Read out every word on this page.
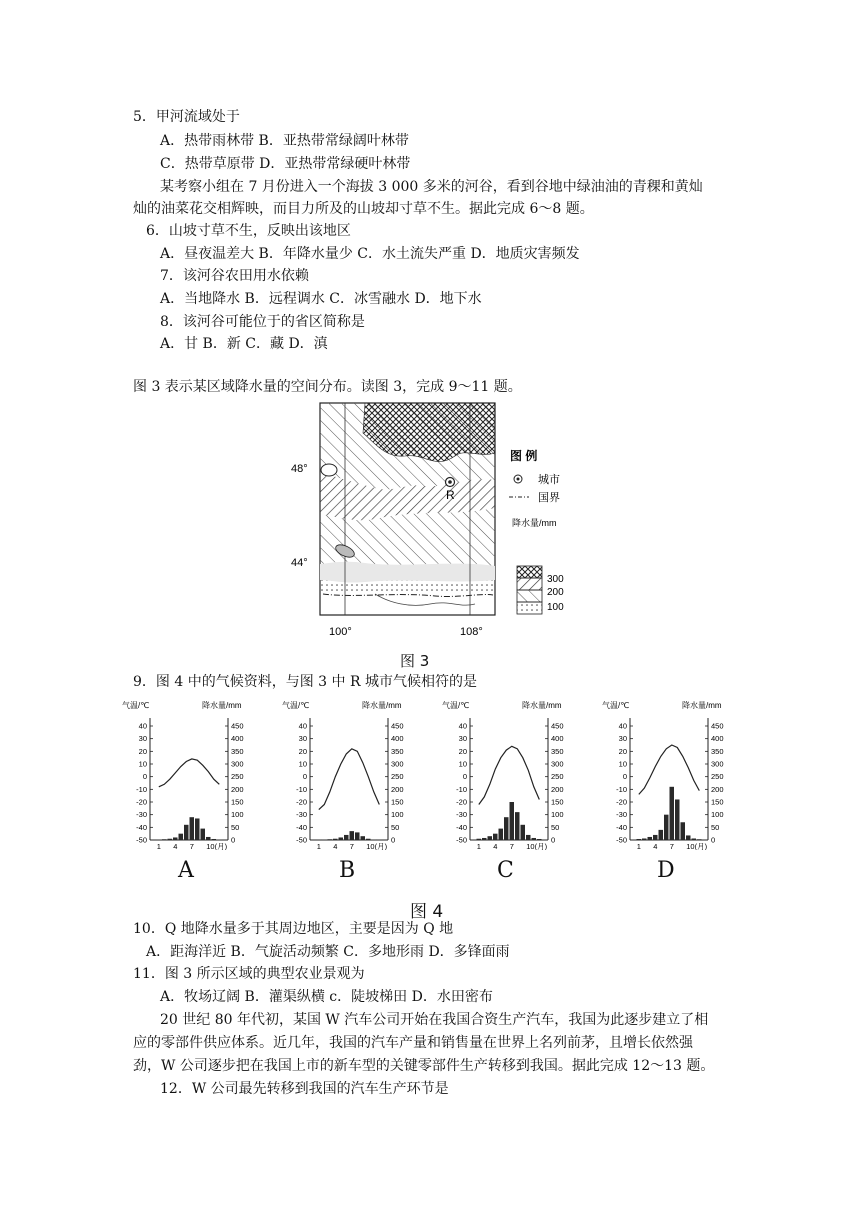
5．甲河流域处于
A．热带雨林带 B．亚热带常绿阔叶林带
C．热带草原带 D．亚热带常绿硬叶林带
某考察小组在 7 月份进入一个海拔 3 000 多米的河谷，看到谷地中绿油油的青稞和黄灿
灿的油菜花交相辉映，而目力所及的山坡却寸草不生。据此完成 6～8 题。
6．山坡寸草不生，反映出该地区
A．昼夜温差大 B．年降水量少 C．水土流失严重 D．地质灾害频发
7．该河谷农田用水依赖
A．当地降水 B．远程调水 C．冰雪融水 D．地下水
8．该河谷可能位于的省区简称是
A．甘 B．新 C．藏 D．滇
图 3 表示某区域降水量的空间分布。读图 3，完成 9～11 题。
R
48°
44°
100°	108°
图 例
城市
国界
降水量/mm
300
200
100
图 3
9．图 4 中的气候资料，与图 3 中 R 城市气候相符的是
气温/℃	降水量/mm
40
30
20
10
0
-10
-20
-30
-40
-50
450
400
350
300
250
200
150
100
50
0
1 4 7 10(月)
气温/℃	降水量/mm
40
30
20
10
0
-10
-20
-30
-40
-50
450
400
350
300
250
200
150
100
50
0
1 4 7 10(月)
气温/℃	降水量/mm
40
30
20
10
0
-10
-20
-30
-40
-50
450
400
350
300
250
200
150
100
50
0
1 4 7 10(月)
气温/℃	降水量/mm
40
30
20
10
0
-10
-20
-30
-40
-50
450
400
350
300
250
200
150
100
50
0
1 4 7 10(月)
A	B	C	D
图 4
10．Q 地降水量多于其周边地区，主要是因为 Q 地
A．距海洋近 B．气旋活动频繁 C．多地形雨 D．多锋面雨
11．图 3 所示区域的典型农业景观为
A．牧场辽阔 B．灌渠纵横 c．陡坡梯田 D．水田密布
20 世纪 80 年代初，某国 W 汽车公司开始在我国合资生产汽车，我国为此逐步建立了相
应的零部件供应体系。近几年，我国的汽车产量和销售量在世界上名列前茅，且增长依然强
劲，W 公司逐步把在我国上市的新车型的关键零部件生产转移到我国。据此完成 12～13 题。
12．W 公司最先转移到我国的汽车生产环节是
